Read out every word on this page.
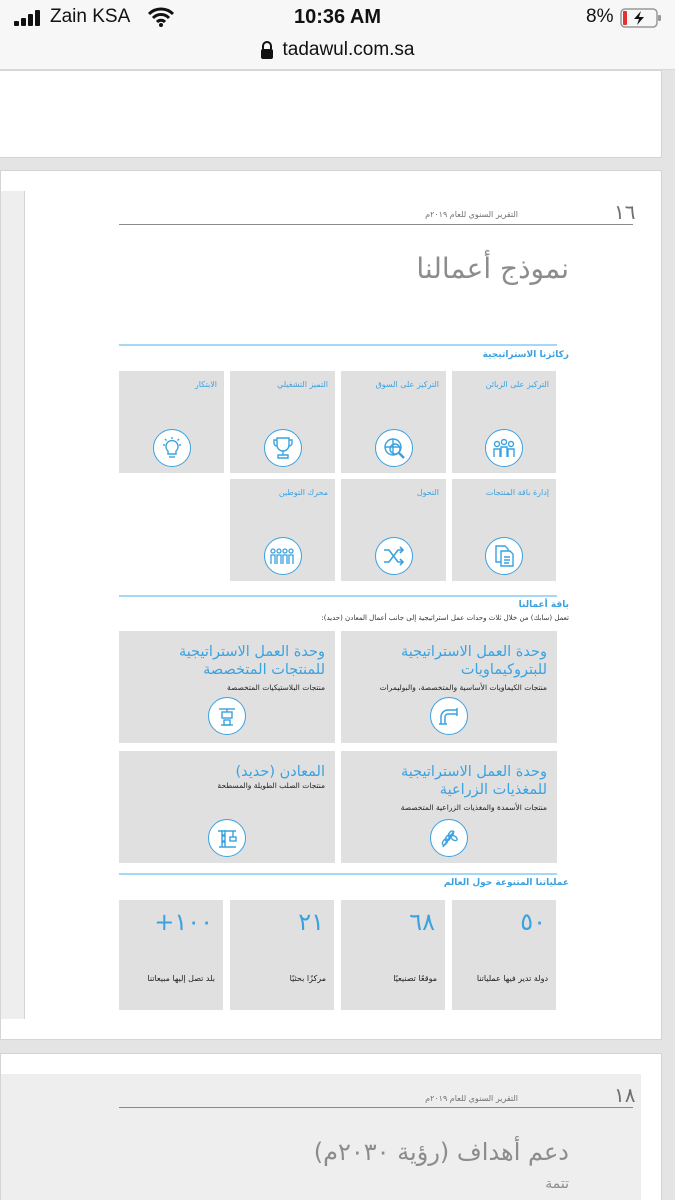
Zain KSA	10:36 AM	8%
tadawul.com.sa
١٦
التقرير السنوي للعام ٢٠١٩م
نموذج أعمالنا
ركائزنا الاستراتيجية
التركيز على الزبائن
التركيز على السوق
التميز التشغيلي
الابتكار
إدارة باقة المنتجات
التحول
محرك التوطين
باقة أعمالنا
تعمل (سابك) من خلال ثلاث وحدات عمل استراتيجية إلى جانب أعمال المعادن (حديد):
وحدة العمل الاستراتيجية للبتروكيماويات
منتجات الكيماويات الأساسية والمتخصصة، والبوليمرات
وحدة العمل الاستراتيجية للمنتجات المتخصصة
منتجات البلاستيكيات المتخصصة
وحدة العمل الاستراتيجية للمغذيات الزراعية
منتجات الأسمدة والمغذيات الزراعية المتخصصة
المعادن (حديد)
منتجات الصلب الطويلة والمسطحة
عملياتنا المتنوعة حول العالم
٥٠
دولة تدير فيها عملياتنا
٦٨
موقعًا تصنيعيًا
٢١
مركزًا بحثيًا
+١٠٠
بلد تصل إليها مبيعاتنا
١٨
التقرير السنوي للعام ٢٠١٩م
دعم أهداف (رؤية ٢٠٣٠م)
تتمة
